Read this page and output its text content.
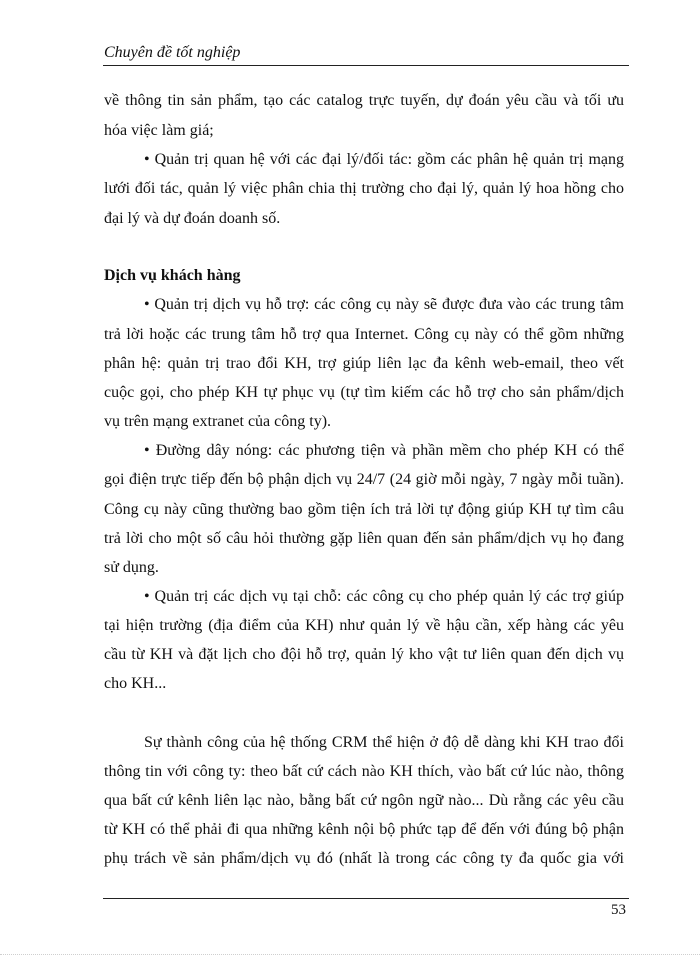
Chuyên đề tốt nghiệp
về thông tin sản phẩm, tạo các catalog trực tuyến, dự đoán yêu cầu và tối ưu
hóa việc làm giá;
• Quản trị quan hệ với các đại lý/đối tác: gồm các phân hệ quản trị mạng
lưới đối tác, quản lý việc phân chia thị trường cho đại lý, quản lý hoa hồng cho
đại lý và dự đoán doanh số.
Dịch vụ khách hàng
• Quản trị dịch vụ hỗ trợ: các công cụ này sẽ được đưa vào các trung tâm
trả lời hoặc các trung tâm hỗ trợ qua Internet. Công cụ này có thể gồm những
phân hệ: quản trị trao đổi KH, trợ giúp liên lạc đa kênh web-email, theo vết
cuộc gọi, cho phép KH tự phục vụ (tự tìm kiếm các hỗ trợ cho sản phẩm/dịch
vụ trên mạng extranet của công ty).
• Đường dây nóng: các phương tiện và phần mềm cho phép KH có thể
gọi điện trực tiếp đến bộ phận dịch vụ 24/7 (24 giờ mỗi ngày, 7 ngày mỗi tuần).
Công cụ này cũng thường bao gồm tiện ích trả lời tự động giúp KH tự tìm câu
trả lời cho một số câu hỏi thường gặp liên quan đến sản phẩm/dịch vụ họ đang
sử dụng.
• Quản trị các dịch vụ tại chỗ: các công cụ cho phép quản lý các trợ giúp
tại hiện trường (địa điểm của KH) như quản lý về hậu cần, xếp hàng các yêu
cầu từ KH và đặt lịch cho đội hỗ trợ, quản lý kho vật tư liên quan đến dịch vụ
cho KH...
Sự thành công của hệ thống CRM thể hiện ở độ dễ dàng khi KH trao đổi
thông tin với công ty: theo bất cứ cách nào KH thích, vào bất cứ lúc nào, thông
qua bất cứ kênh liên lạc nào, bằng bất cứ ngôn ngữ nào... Dù rằng các yêu cầu
từ KH có thể phải đi qua những kênh nội bộ phức tạp để đến với đúng bộ phận
phụ trách về sản phẩm/dịch vụ đó (nhất là trong các công ty đa quốc gia với
53
